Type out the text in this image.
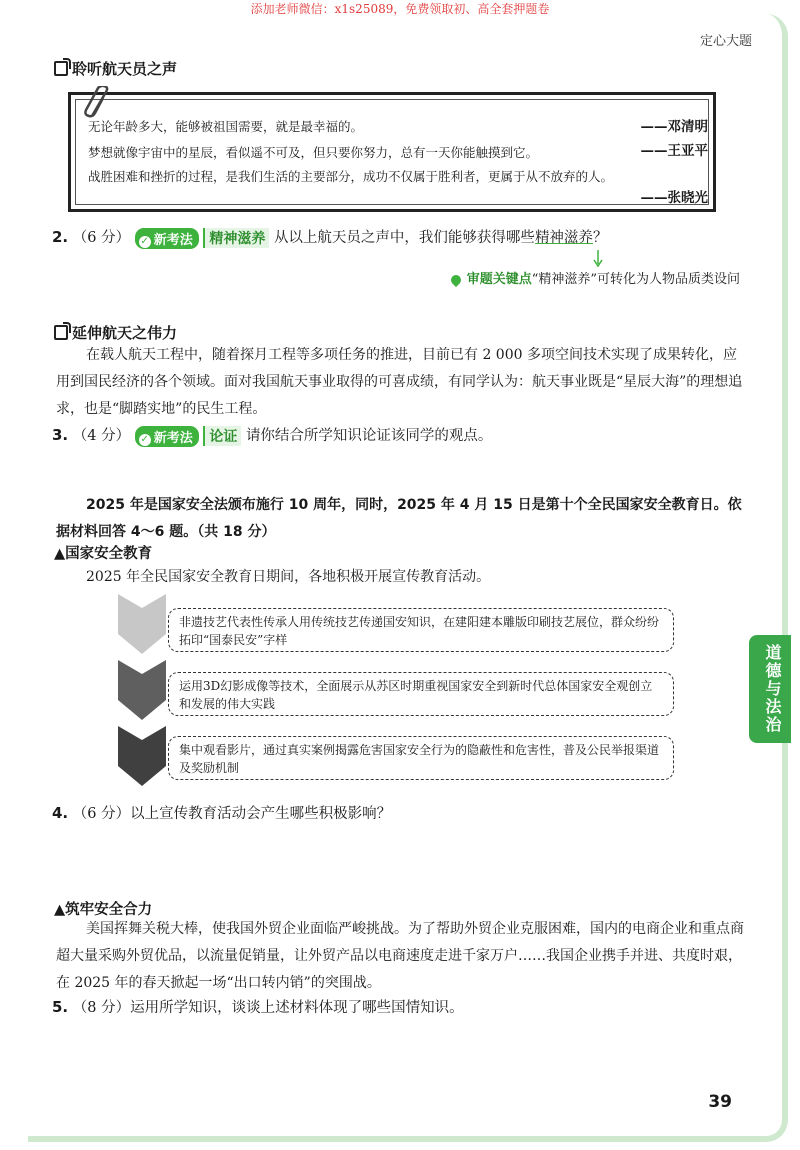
添加老师微信：x1s25089，免费领取初、高全套押题卷
定心大题
聆听航天员之声
无论年龄多大，能够被祖国需要，就是最幸福的。	——邓清明
梦想就像宇宙中的星辰，看似遥不可及，但只要你努力，总有一天你能触摸到它。	——王亚平
战胜困难和挫折的过程，是我们生活的主要部分，成功不仅属于胜利者，更属于从不放弃的人。
——张晓光
2. （6 分） ✓ 新考法 精神滋养 从以上航天员之声中，我们能够获得哪些精神滋养？
审题关键点“精神滋养”可转化为人物品质类设问
延伸航天之伟力
在载人航天工程中，随着探月工程等多项任务的推进，目前已有 2 000 多项空间技术实现了成果转化，应用到国民经济的各个领域。面对我国航天事业取得的可喜成绩，有同学认为：航天事业既是“星辰大海”的理想追求，也是“脚踏实地”的民生工程。
3. （4 分） ✓ 新考法 论证 请你结合所学知识论证该同学的观点。
2025 年是国家安全法颁布施行 10 周年，同时，2025 年 4 月 15 日是第十个全民国家安全教育日。依据材料回答 4～6 题。（共 18 分）
▲国家安全教育
2025 年全民国家安全教育日期间，各地积极开展宣传教育活动。
非遗技艺代表性传承人用传统技艺传递国安知识，在建阳建本雕版印刷技艺展位，群众纷纷拓印“国泰民安”字样
运用3D幻影成像等技术，全面展示从苏区时期重视国家安全到新时代总体国家安全观创立和发展的伟大实践
集中观看影片，通过真实案例揭露危害国家安全行为的隐蔽性和危害性，普及公民举报渠道及奖励机制
4. （6 分）以上宣传教育活动会产生哪些积极影响？
▲筑牢安全合力
美国挥舞关税大棒，使我国外贸企业面临严峻挑战。为了帮助外贸企业克服困难，国内的电商企业和重点商超大量采购外贸优品，以流量促销量，让外贸产品以电商速度走进千家万户……我国企业携手并进、共度时艰，在 2025 年的春天掀起一场“出口转内销”的突围战。
5. （8 分）运用所学知识，谈谈上述材料体现了哪些国情知识。
道德与法治
39
